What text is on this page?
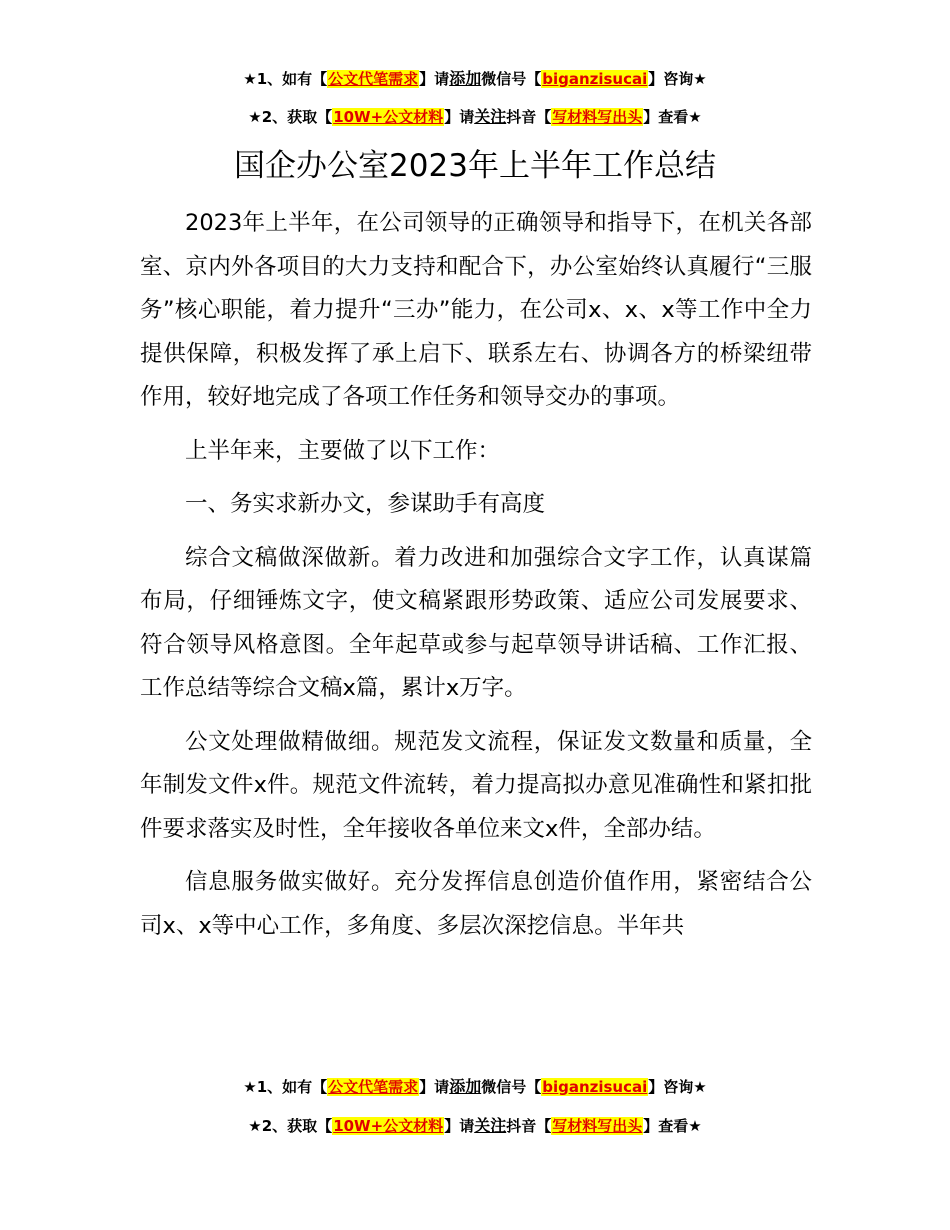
★1、如有【公文代笔需求】请添加微信号【biganzisucai】咨询★
★2、获取【10W+公文材料】请关注抖音【写材料写出头】查看★
国企办公室2023年上半年工作总结

2023年上半年，在公司领导的正确领导和指导下，在机关各部室、京内外各项目的大力支持和配合下，办公室始终认真履行“三服务”核心职能，着力提升“三办”能力，在公司x、x、x等工作中全力提供保障，积极发挥了承上启下、联系左右、协调各方的桥梁纽带作用，较好地完成了各项工作任务和领导交办的事项。

上半年来，主要做了以下工作：

一、务实求新办文，参谋助手有高度

综合文稿做深做新。着力改进和加强综合文字工作，认真谋篇布局，仔细锤炼文字，使文稿紧跟形势政策、适应公司发展要求、符合领导风格意图。全年起草或参与起草领导讲话稿、工作汇报、工作总结等综合文稿x篇，累计x万字。

公文处理做精做细。规范发文流程，保证发文数量和质量，全年制发文件x件。规范文件流转，着力提高拟办意见准确性和紧扣批件要求落实及时性，全年接收各单位来文x件，全部办结。

信息服务做实做好。充分发挥信息创造价值作用，紧密结合公司x、x等中心工作，多角度、多层次深挖信息。半年共

★1、如有【公文代笔需求】请添加微信号【biganzisucai】咨询★
★2、获取【10W+公文材料】请关注抖音【写材料写出头】查看★
